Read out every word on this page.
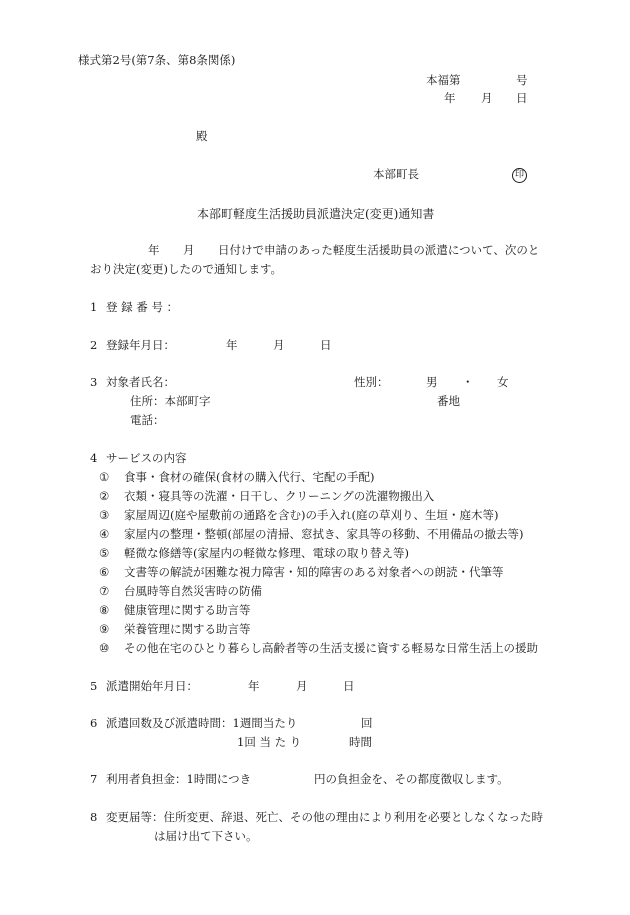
様式第2号(第7条、第8条関係)
本福第	号
年 月 日
殿
本部町長	印
本部町軽度生活援助員派遣決定(変更)通知書
年 月 日付けで申請のあった軽度生活援助員の派遣について、次のと
おり決定(変更)したので通知します。
1 登 録 番 号 ：
2 登録年月日：	年	月	日
3 対象者氏名：	性別：	男 ・ 女
住所：本部町字	番地
電話：
4 サービスの内容
① 食事・食材の確保(食材の購入代行、宅配の手配)
② 衣類・寝具等の洗濯・日干し、クリーニングの洗濯物搬出入
③ 家屋周辺(庭や屋敷前の通路を含む)の手入れ(庭の草刈り、生垣・庭木等)
④ 家屋内の整理・整頓(部屋の清掃、窓拭き、家具等の移動、不用備品の撤去等)
⑤ 軽微な修繕等(家屋内の軽微な修理、電球の取り替え等)
⑥ 文書等の解読が困難な視力障害・知的障害のある対象者への朗読・代筆等
⑦ 台風時等自然災害時の防備
⑧ 健康管理に関する助言等
⑨ 栄養管理に関する助言等
⑩ その他在宅のひとり暮らし高齢者等の生活支援に資する軽易な日常生活上の援助
5 派遣開始年月日：	年	月	日
6 派遣回数及び派遣時間：1週間当たり	回
1回 当 た り	時間
7 利用者負担金：1時間につき	円の負担金を、その都度徴収します。
8 変更届等：住所変更、辞退、死亡、その他の理由により利用を必要としなくなった時
は届け出て下さい。
